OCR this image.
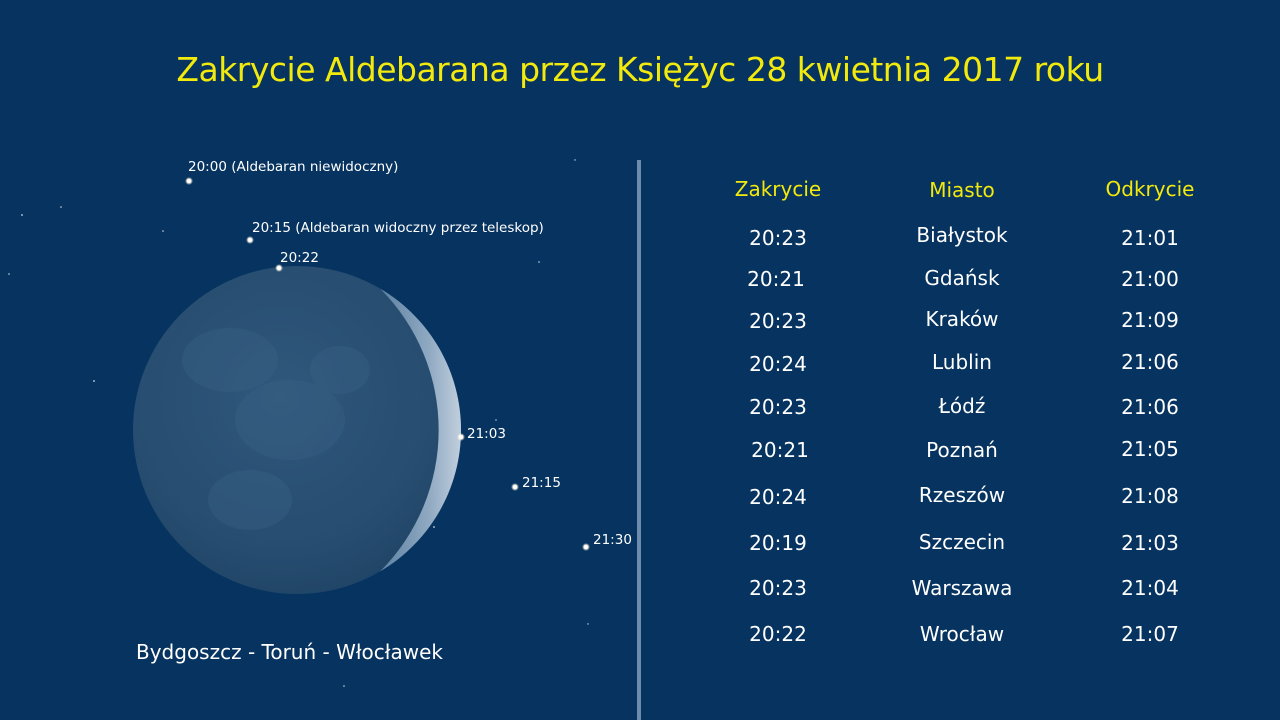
Zakrycie Aldebarana przez Księżyc 28 kwietnia 2017 roku
20:00 (Aldebaran niewidoczny)
20:15 (Aldebaran widoczny przez teleskop)
20:22
21:03
21:15
21:30
Bydgoszcz - Toruń - Włocławek
Zakrycie	Miasto	Odkrycie
20:23	Białystok	21:01
20:21	Gdańsk	21:00
20:23	Kraków	21:09
20:24	Lublin	21:06
20:23	Łódź	21:06
20:21	Poznań	21:05
20:24	Rzeszów	21:08
20:19	Szczecin	21:03
20:23	Warszawa	21:04
20:22	Wrocław	21:07
